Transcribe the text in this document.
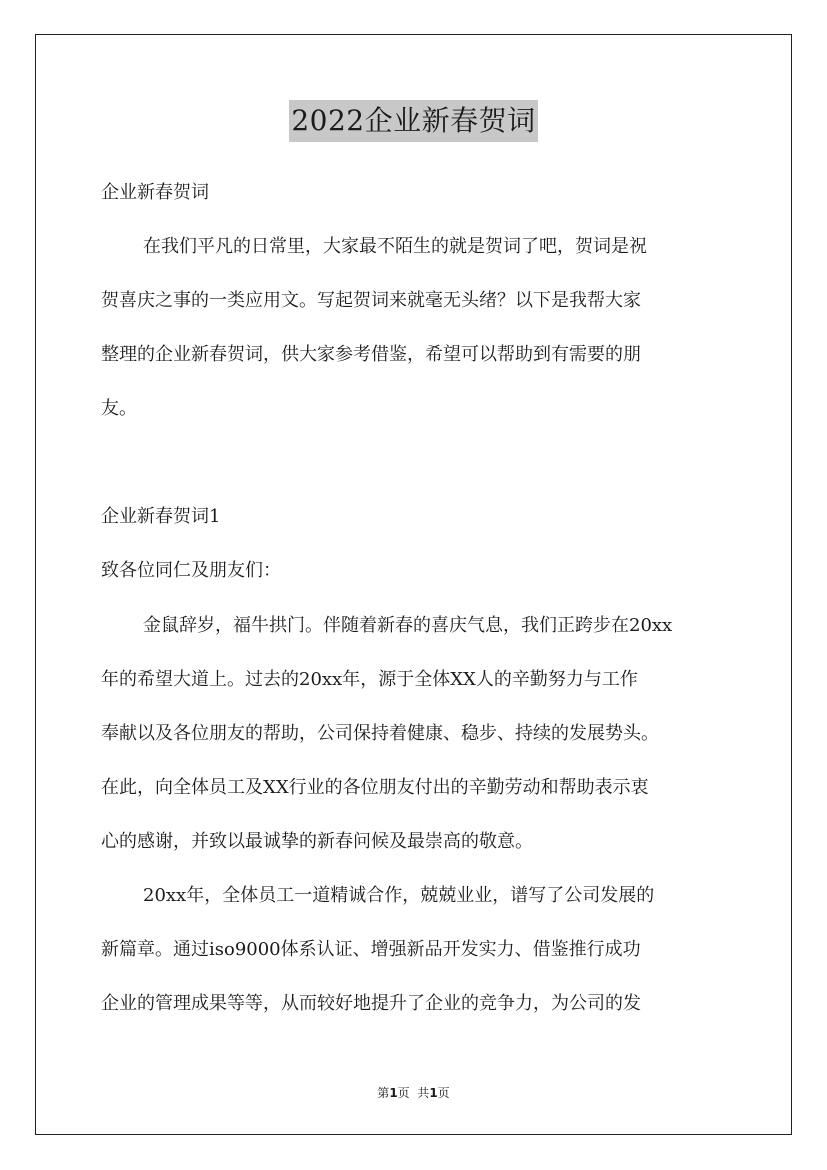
2022企业新春贺词
企业新春贺词
在我们平凡的日常里，大家最不陌生的就是贺词了吧，贺词是祝
贺喜庆之事的一类应用文。写起贺词来就毫无头绪？以下是我帮大家
整理的企业新春贺词，供大家参考借鉴，希望可以帮助到有需要的朋
友。
企业新春贺词1
致各位同仁及朋友们：
金鼠辞岁，福牛拱门。伴随着新春的喜庆气息，我们正跨步在20xx
年的希望大道上。过去的20xx年，源于全体XX人的辛勤努力与工作
奉献以及各位朋友的帮助，公司保持着健康、稳步、持续的发展势头。
在此，向全体员工及XX行业的各位朋友付出的辛勤劳动和帮助表示衷
心的感谢，并致以最诚挚的新春问候及最崇高的敬意。
20xx年，全体员工一道精诚合作，兢兢业业，谱写了公司发展的
新篇章。通过iso9000体系认证、增强新品开发实力、借鉴推行成功
企业的管理成果等等，从而较好地提升了企业的竞争力，为公司的发
第1页  共1页
